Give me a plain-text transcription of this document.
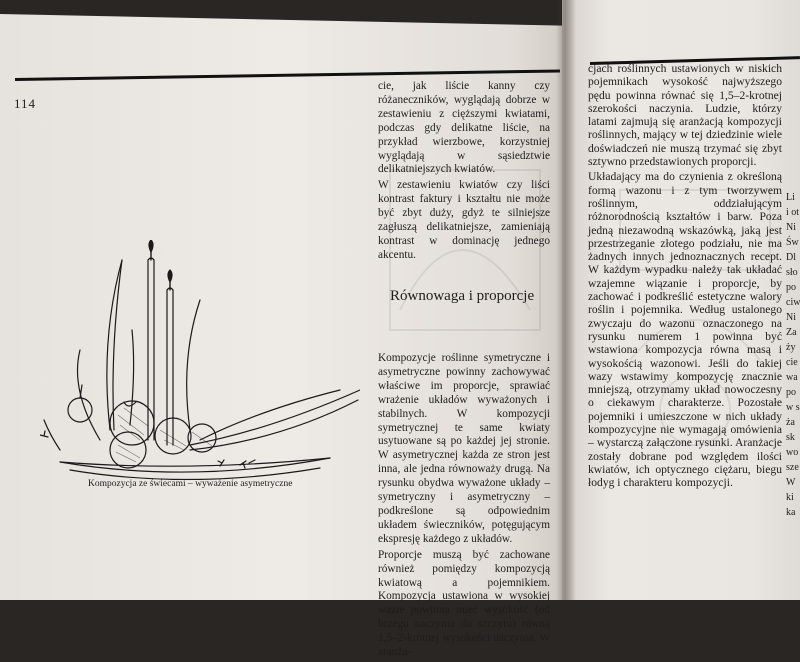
114
Kompozycja ze świecami – wyważenie asymetryczne

cie, jak liście kanny czy różaneczników, wyglądają dobrze w zestawieniu z cięższymi kwiatami, podczas gdy delikatne liście, na przykład wierzbowe, korzystniej wyglądają w sąsiedztwie delikatniejszych kwiatów.

W zestawieniu kwiatów czy liści kontrast faktury i kształtu nie może być zbyt duży, gdyż te silniejsze zagłuszą delikatniejsze, zamieniają kontrast w dominację jednego akcentu.

Równowaga i proporcje

Kompozycje roślinne symetryczne i asymetryczne powinny zachowywać właściwe im proporcje, sprawiać wrażenie układów wyważonych i stabilnych. W kompozycji symetrycznej te same kwiaty usytuowane są po każdej jej stronie. W asymetrycznej każda ze stron jest inna, ale jedna równoważy drugą. Na rysunku obydwa wyważone układy – symetryczny i asymetryczny – podkreślone są odpowiednim układem świeczników, potęgującym ekspresję każdego z układów.

Proporcje muszą być zachowane również pomiędzy kompozycją kwiatową a pojemnikiem. Kompozycja ustawiona w wysokiej wazie powinna mieć wysokość (od brzegu naczynia do szczytu) równą 1,5–2-krotnej wysokości naczynia. W aranża-

cjach roślinnych ustawionych w niskich pojemnikach wysokość najwyższego pędu powinna równać się 1,5–2-krotnej szerokości naczynia. Ludzie, którzy latami zajmują się aranżacją kompozycji roślinnych, mający w tej dziedzinie wiele doświadczeń nie muszą trzymać się zbyt sztywno przedstawionych proporcji.

Układający ma do czynienia z określoną formą wazonu i z tym tworzywem roślinnym, oddziałującym różnorodnością kształtów i barw. Poza jedną niezawodną wskazówką, jaką jest przestrzeganie złotego podziału, nie ma żadnych innych jednoznacznych recept. W każdym wypadku należy tak układać wzajemne wiązanie i proporcje, by zachować i podkreślić estetyczne walory roślin i pojemnika. Według ustalonego zwyczaju do wazonu oznaczonego na rysunku numerem 1 powinna być wstawiona kompozycja równa masą i wysokością wazonowi. Jeśli do takiej wazy wstawimy kompozycję znacznie mniejszą, otrzymamy układ nowoczesny o ciekawym charakterze. Pozostałe pojemniki i umieszczone w nich układy kompozycyjne nie wymagają omówienia – wystarczą załączone rysunki. Aranżacje zostały dobrane pod względem ilości kwiatów, ich optycznego ciężaru, biegu łodyg i charakteru kompozycji.

Li
i ot
Ni
Św
Dl
sło
po
ciw
Ni
Za
ży
cie
wa
po
w s
ża
sk
wo
sze
W
ki
ka
